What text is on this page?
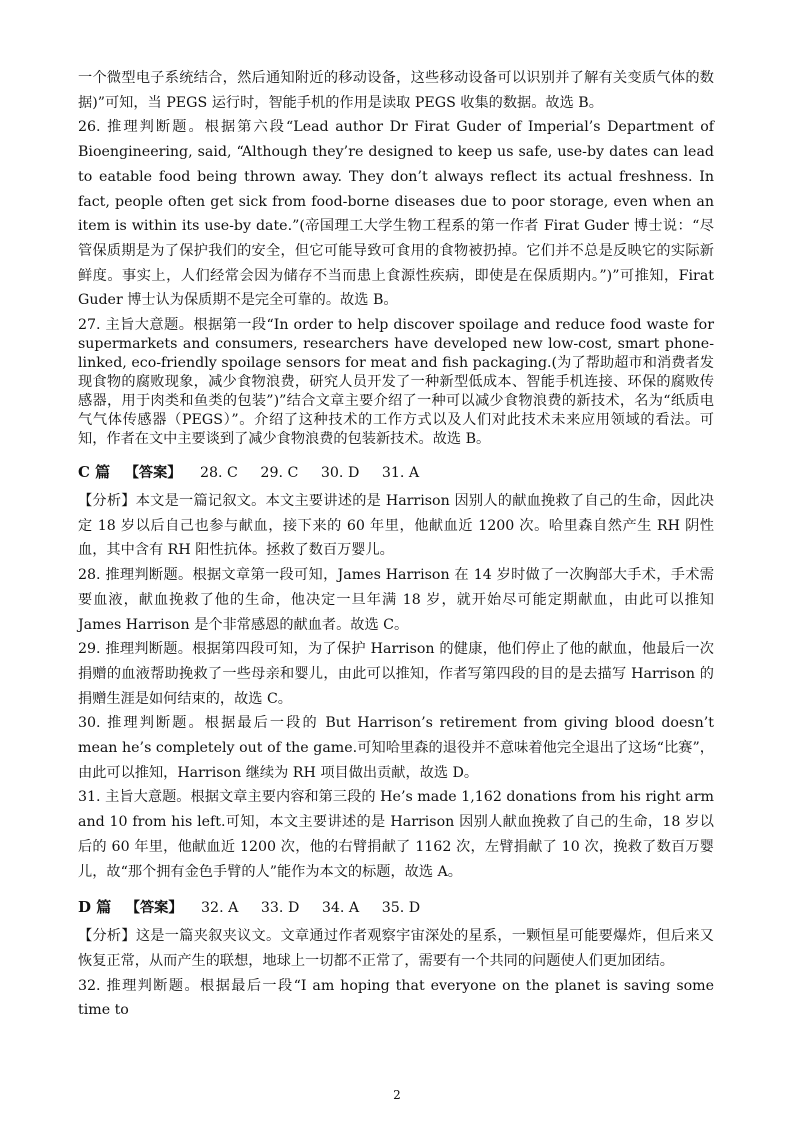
一个微型电子系统结合，然后通知附近的移动设备，这些移动设备可以识别并了解有关变质气体的数据)”可知，当 PEGS 运行时，智能手机的作用是读取 PEGS 收集的数据。故选 B。

26. 推理判断题。根据第六段“Lead author Dr Firat Guder of Imperial’s Department of Bioengineering, said, “Although they’re designed to keep us safe, use-by dates can lead to eatable food being thrown away. They don’t always reflect its actual freshness. In fact, people often get sick from food-borne diseases due to poor storage, even when an item is within its use-by date.”(帝国理工大学生物工程系的第一作者 Firat Guder 博士说：“尽管保质期是为了保护我们的安全，但它可能导致可食用的食物被扔掉。它们并不总是反映它的实际新鲜度。事实上，人们经常会因为储存不当而患上食源性疾病，即使是在保质期内。”)”可推知，Firat Guder 博士认为保质期不是完全可靠的。故选 B。

27. 主旨大意题。根据第一段“In order to help discover spoilage and reduce food waste for supermarkets and consumers, researchers have developed new low-cost, smart phone-linked, eco-friendly spoilage sensors for meat and fish packaging.(为了帮助超市和消费者发现食物的腐败现象，减少食物浪费，研究人员开发了一种新型低成本、智能手机连接、环保的腐败传感器，用于肉类和鱼类的包装”)”结合文章主要介绍了一种可以减少食物浪费的新技术，名为“纸质电气气体传感器（PEGS）”。介绍了这种技术的工作方式以及人们对此技术未来应用领域的看法。可知，作者在文中主要谈到了减少食物浪费的包装新技术。故选 B。

C 篇 【答案】 28. C 29. C 30. D 31. A

【分析】本文是一篇记叙文。本文主要讲述的是 Harrison 因别人的献血挽救了自己的生命，因此决定 18 岁以后自己也参与献血，接下来的 60 年里，他献血近 1200 次。哈里森自然产生 RH 阴性血，其中含有 RH 阳性抗体。拯救了数百万婴儿。

28. 推理判断题。根据文章第一段可知，James Harrison 在 14 岁时做了一次胸部大手术，手术需要血液，献血挽救了他的生命，他决定一旦年满 18 岁，就开始尽可能定期献血，由此可以推知 James Harrison 是个非常感恩的献血者。故选 C。

29. 推理判断题。根据第四段可知，为了保护 Harrison 的健康，他们停止了他的献血，他最后一次捐赠的血液帮助挽救了一些母亲和婴儿，由此可以推知，作者写第四段的目的是去描写 Harrison 的捐赠生涯是如何结束的，故选 C。

30. 推理判断题。根据最后一段的 But Harrison’s retirement from giving blood doesn’t mean he’s completely out of the game.可知哈里森的退役并不意味着他完全退出了这场“比赛”，由此可以推知，Harrison 继续为 RH 项目做出贡献，故选 D。

31. 主旨大意题。根据文章主要内容和第三段的 He’s made 1,162 donations from his right arm and 10 from his left.可知，本文主要讲述的是 Harrison 因别人献血挽救了自己的生命，18 岁以后的 60 年里，他献血近 1200 次，他的右臂捐献了 1162 次，左臂捐献了 10 次，挽救了数百万婴儿，故“那个拥有金色手臂的人”能作为本文的标题，故选 A。

D 篇 【答案】 32. A 33. D 34. A 35. D

【分析】这是一篇夹叙夹议文。文章通过作者观察宇宙深处的星系，一颗恒星可能要爆炸，但后来又恢复正常，从而产生的联想，地球上一切都不正常了，需要有一个共同的问题使人们更加团结。

32. 推理判断题。根据最后一段“I am hoping that everyone on the planet is saving some time to

2
